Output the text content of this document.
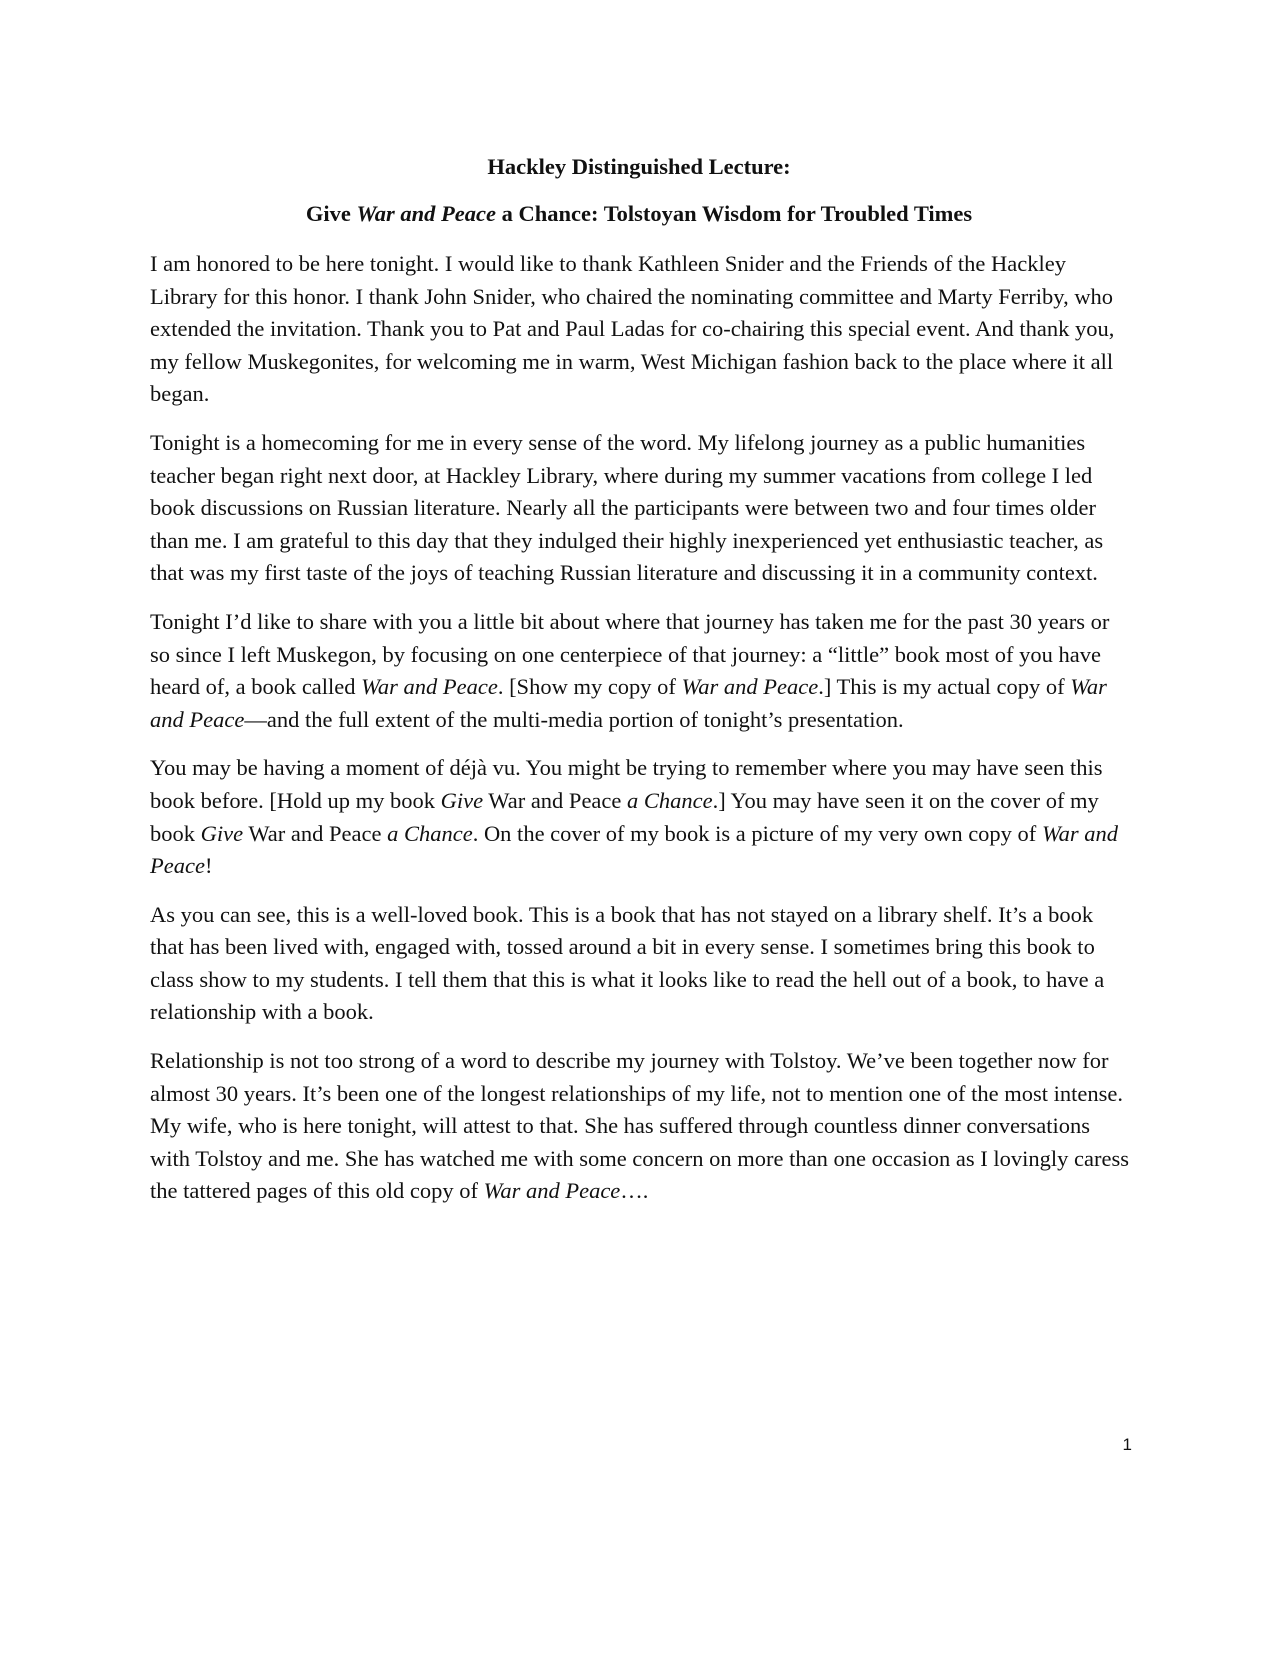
Hackley Distinguished Lecture:
Give War and Peace a Chance: Tolstoyan Wisdom for Troubled Times

I am honored to be here tonight. I would like to thank Kathleen Snider and the Friends of the Hackley Library for this honor. I thank John Snider, who chaired the nominating committee and Marty Ferriby, who extended the invitation. Thank you to Pat and Paul Ladas for co-chairing this special event. And thank you, my fellow Muskegonites, for welcoming me in warm, West Michigan fashion back to the place where it all began.

Tonight is a homecoming for me in every sense of the word. My lifelong journey as a public humanities teacher began right next door, at Hackley Library, where during my summer vacations from college I led book discussions on Russian literature. Nearly all the participants were between two and four times older than me. I am grateful to this day that they indulged their highly inexperienced yet enthusiastic teacher, as that was my first taste of the joys of teaching Russian literature and discussing it in a community context.

Tonight I’d like to share with you a little bit about where that journey has taken me for the past 30 years or so since I left Muskegon, by focusing on one centerpiece of that journey: a “little” book most of you have heard of, a book called War and Peace. [Show my copy of War and Peace.] This is my actual copy of War and Peace—and the full extent of the multi-media portion of tonight’s presentation.

You may be having a moment of déjà vu. You might be trying to remember where you may have seen this book before. [Hold up my book Give War and Peace a Chance.] You may have seen it on the cover of my book Give War and Peace a Chance. On the cover of my book is a picture of my very own copy of War and Peace!

As you can see, this is a well-loved book. This is a book that has not stayed on a library shelf. It’s a book that has been lived with, engaged with, tossed around a bit in every sense. I sometimes bring this book to class show to my students. I tell them that this is what it looks like to read the hell out of a book, to have a relationship with a book.

Relationship is not too strong of a word to describe my journey with Tolstoy. We’ve been together now for almost 30 years. It’s been one of the longest relationships of my life, not to mention one of the most intense. My wife, who is here tonight, will attest to that. She has suffered through countless dinner conversations with Tolstoy and me. She has watched me with some concern on more than one occasion as I lovingly caress the tattered pages of this old copy of War and Peace….

1
